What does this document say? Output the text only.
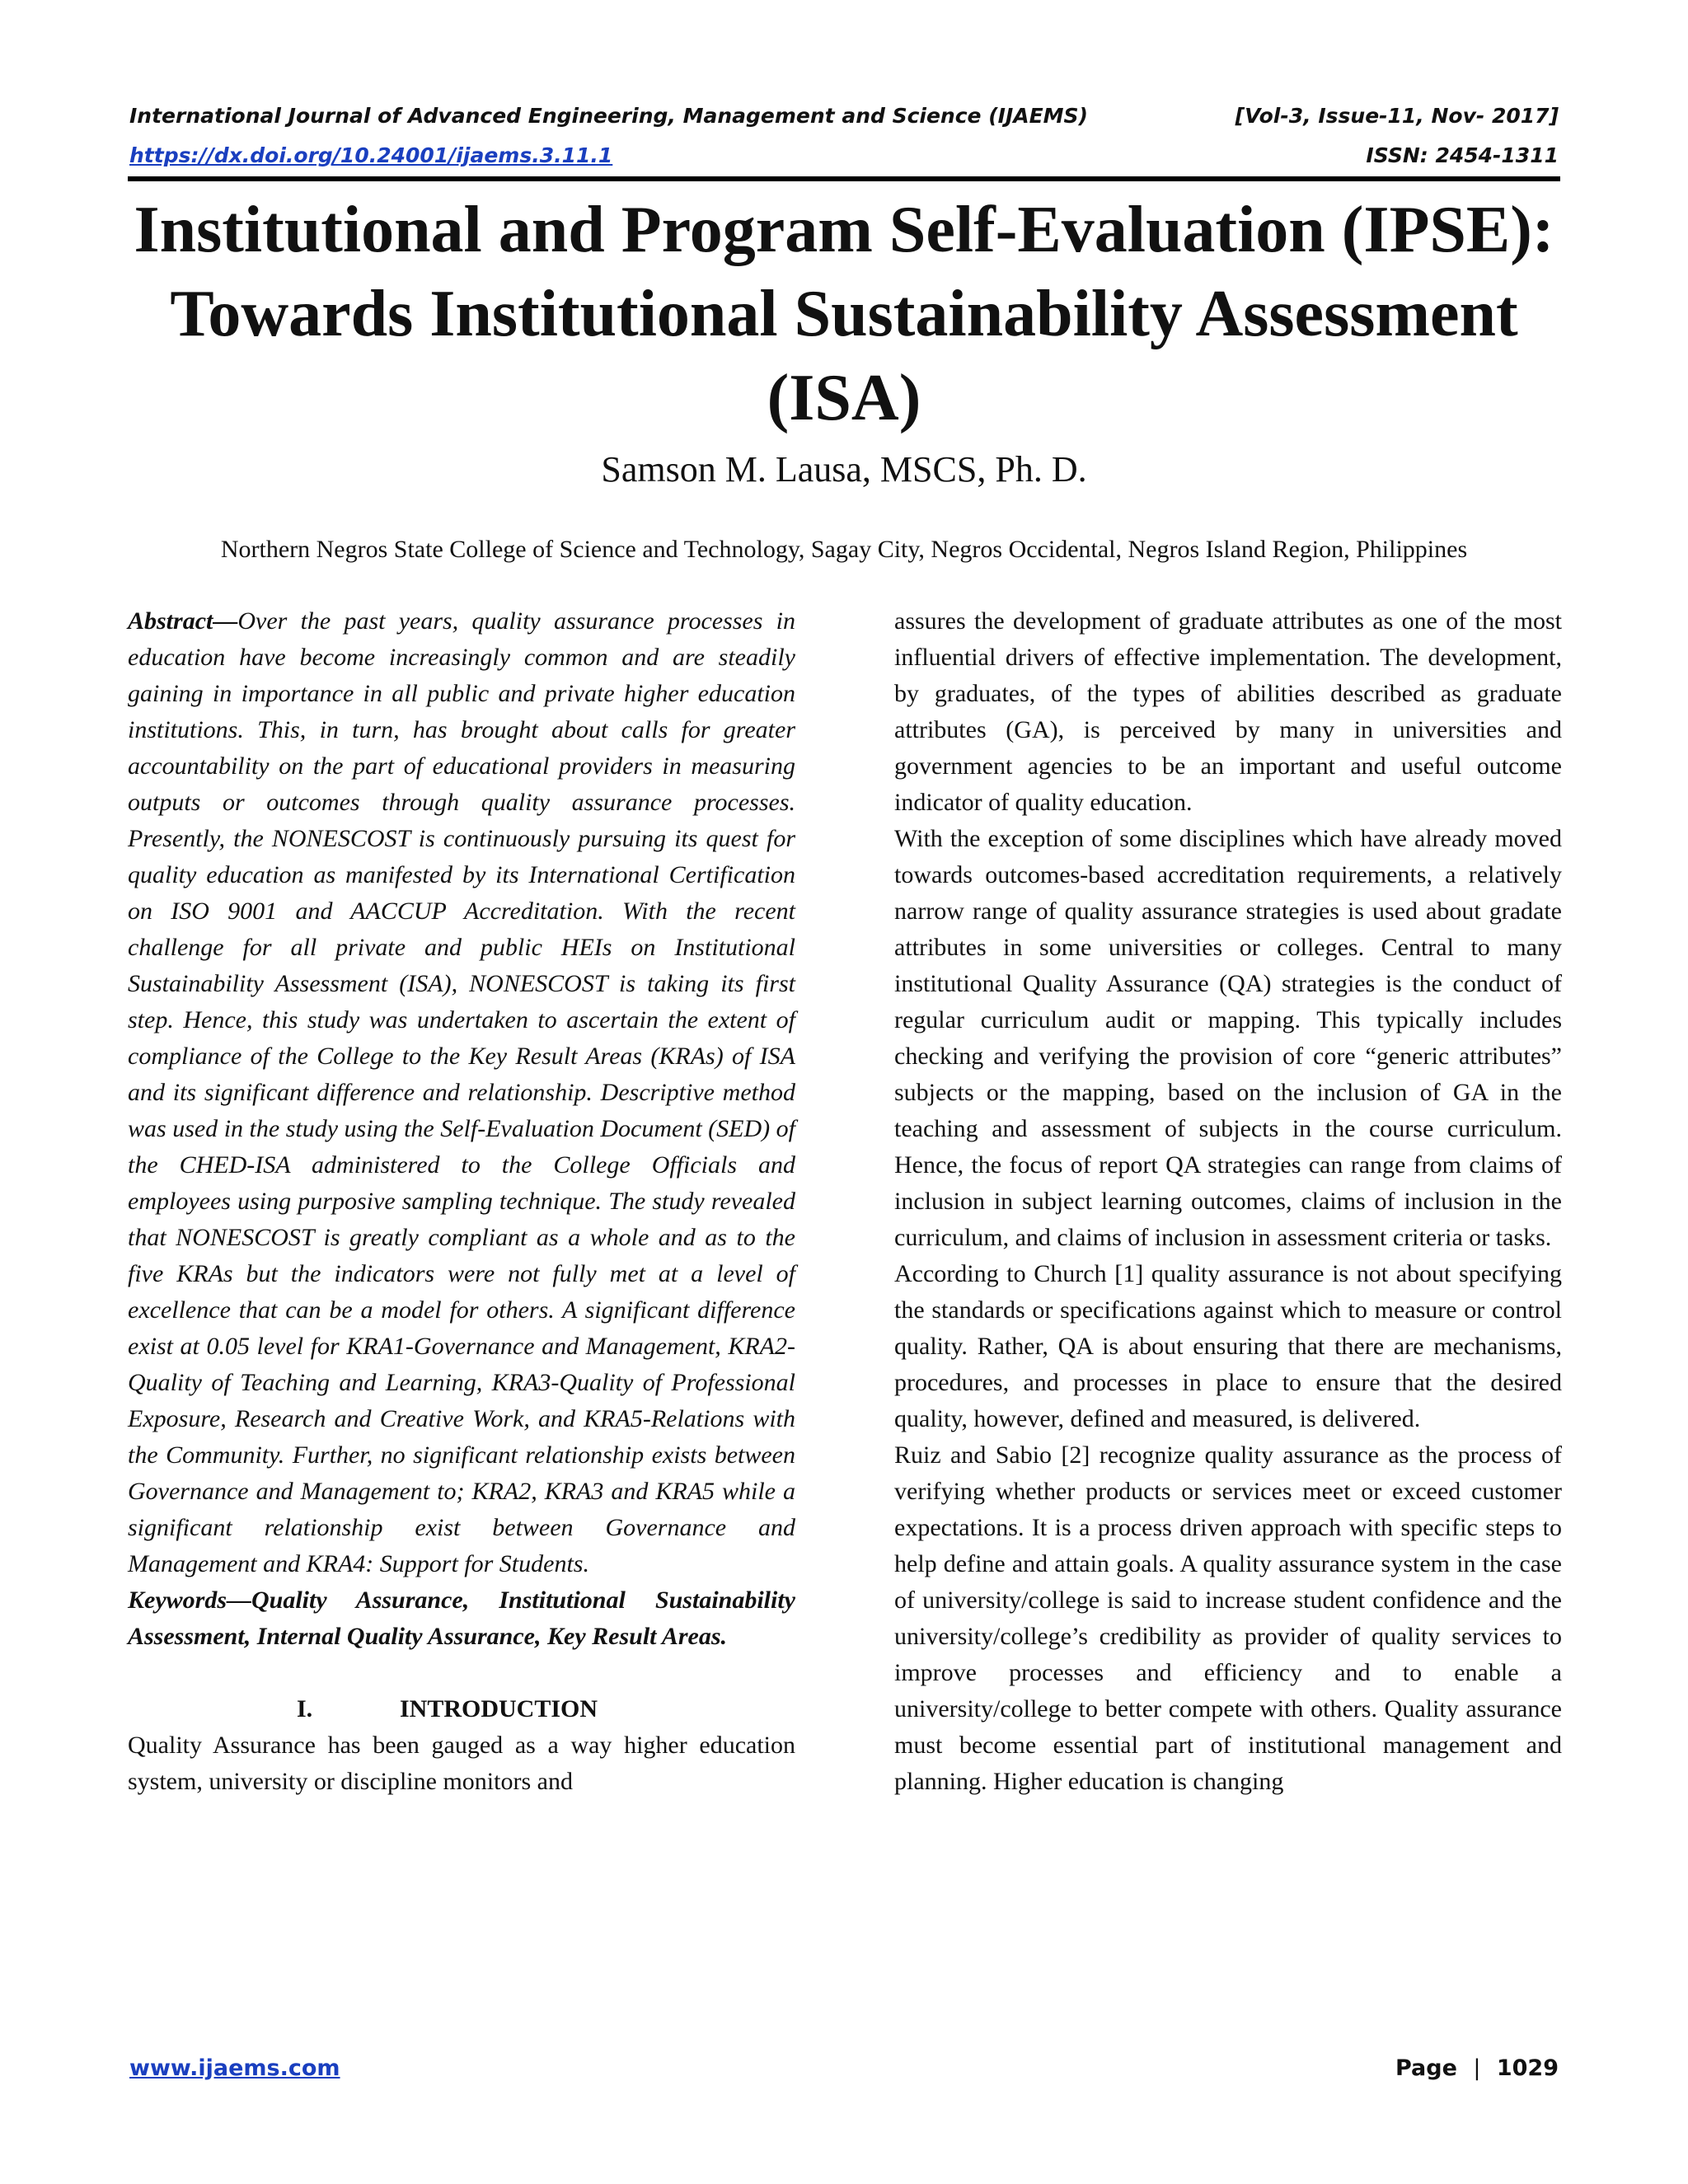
International Journal of Advanced Engineering, Management and Science (IJAEMS)	[Vol-3, Issue-11, Nov- 2017]
https://dx.doi.org/10.24001/ijaems.3.11.1	ISSN: 2454-1311
Institutional and Program Self-Evaluation (IPSE):
Towards Institutional Sustainability Assessment
(ISA)
Samson M. Lausa, MSCS, Ph. D.
Northern Negros State College of Science and Technology, Sagay City, Negros Occidental, Negros Island Region, Philippines

Abstract—Over the past years, quality assurance processes in education have become increasingly common and are steadily gaining in importance in all public and private higher education institutions. This, in turn, has brought about calls for greater accountability on the part of educational providers in measuring outputs or outcomes through quality assurance processes. Presently, the NONESCOST is continuously pursuing its quest for quality education as manifested by its International Certification on ISO 9001 and AACCUP Accreditation. With the recent challenge for all private and public HEIs on Institutional Sustainability Assessment (ISA), NONESCOST is taking its first step. Hence, this study was undertaken to ascertain the extent of compliance of the College to the Key Result Areas (KRAs) of ISA and its significant difference and relationship. Descriptive method was used in the study using the Self-Evaluation Document (SED) of the CHED-ISA administered to the College Officials and employees using purposive sampling technique. The study revealed that NONESCOST is greatly compliant as a whole and as to the five KRAs but the indicators were not fully met at a level of excellence that can be a model for others. A significant difference exist at 0.05 level for KRA1-Governance and Management, KRA2-Quality of Teaching and Learning, KRA3-Quality of Professional Exposure, Research and Creative Work, and KRA5-Relations with the Community. Further, no significant relationship exists between Governance and Management to; KRA2, KRA3 and KRA5 while a significant relationship exist between Governance and Management and KRA4: Support for Students.

Keywords—Quality Assurance, Institutional Sustainability Assessment, Internal Quality Assurance, Key Result Areas.

I.	INTRODUCTION

Quality Assurance has been gauged as a way higher education system, university or discipline monitors and

assures the development of graduate attributes as one of the most influential drivers of effective implementation. The development, by graduates, of the types of abilities described as graduate attributes (GA), is perceived by many in universities and government agencies to be an important and useful outcome indicator of quality education.

With the exception of some disciplines which have already moved towards outcomes-based accreditation requirements, a relatively narrow range of quality assurance strategies is used about gradate attributes in some universities or colleges. Central to many institutional Quality Assurance (QA) strategies is the conduct of regular curriculum audit or mapping. This typically includes checking and verifying the provision of core “generic attributes” subjects or the mapping, based on the inclusion of GA in the teaching and assessment of subjects in the course curriculum. Hence, the focus of report QA strategies can range from claims of inclusion in subject learning outcomes, claims of inclusion in the curriculum, and claims of inclusion in assessment criteria or tasks.

According to Church [1] quality assurance is not about specifying the standards or specifications against which to measure or control quality. Rather, QA is about ensuring that there are mechanisms, procedures, and processes in place to ensure that the desired quality, however, defined and measured, is delivered.

Ruiz and Sabio [2] recognize quality assurance as the process of verifying whether products or services meet or exceed customer expectations. It is a process driven approach with specific steps to help define and attain goals. A quality assurance system in the case of university/college is said to increase student confidence and the university/college’s credibility as provider of quality services to improve processes and efficiency and to enable a university/college to better compete with others. Quality assurance must become essential part of institutional management and planning. Higher education is changing

www.ijaems.com	Page | 1029
